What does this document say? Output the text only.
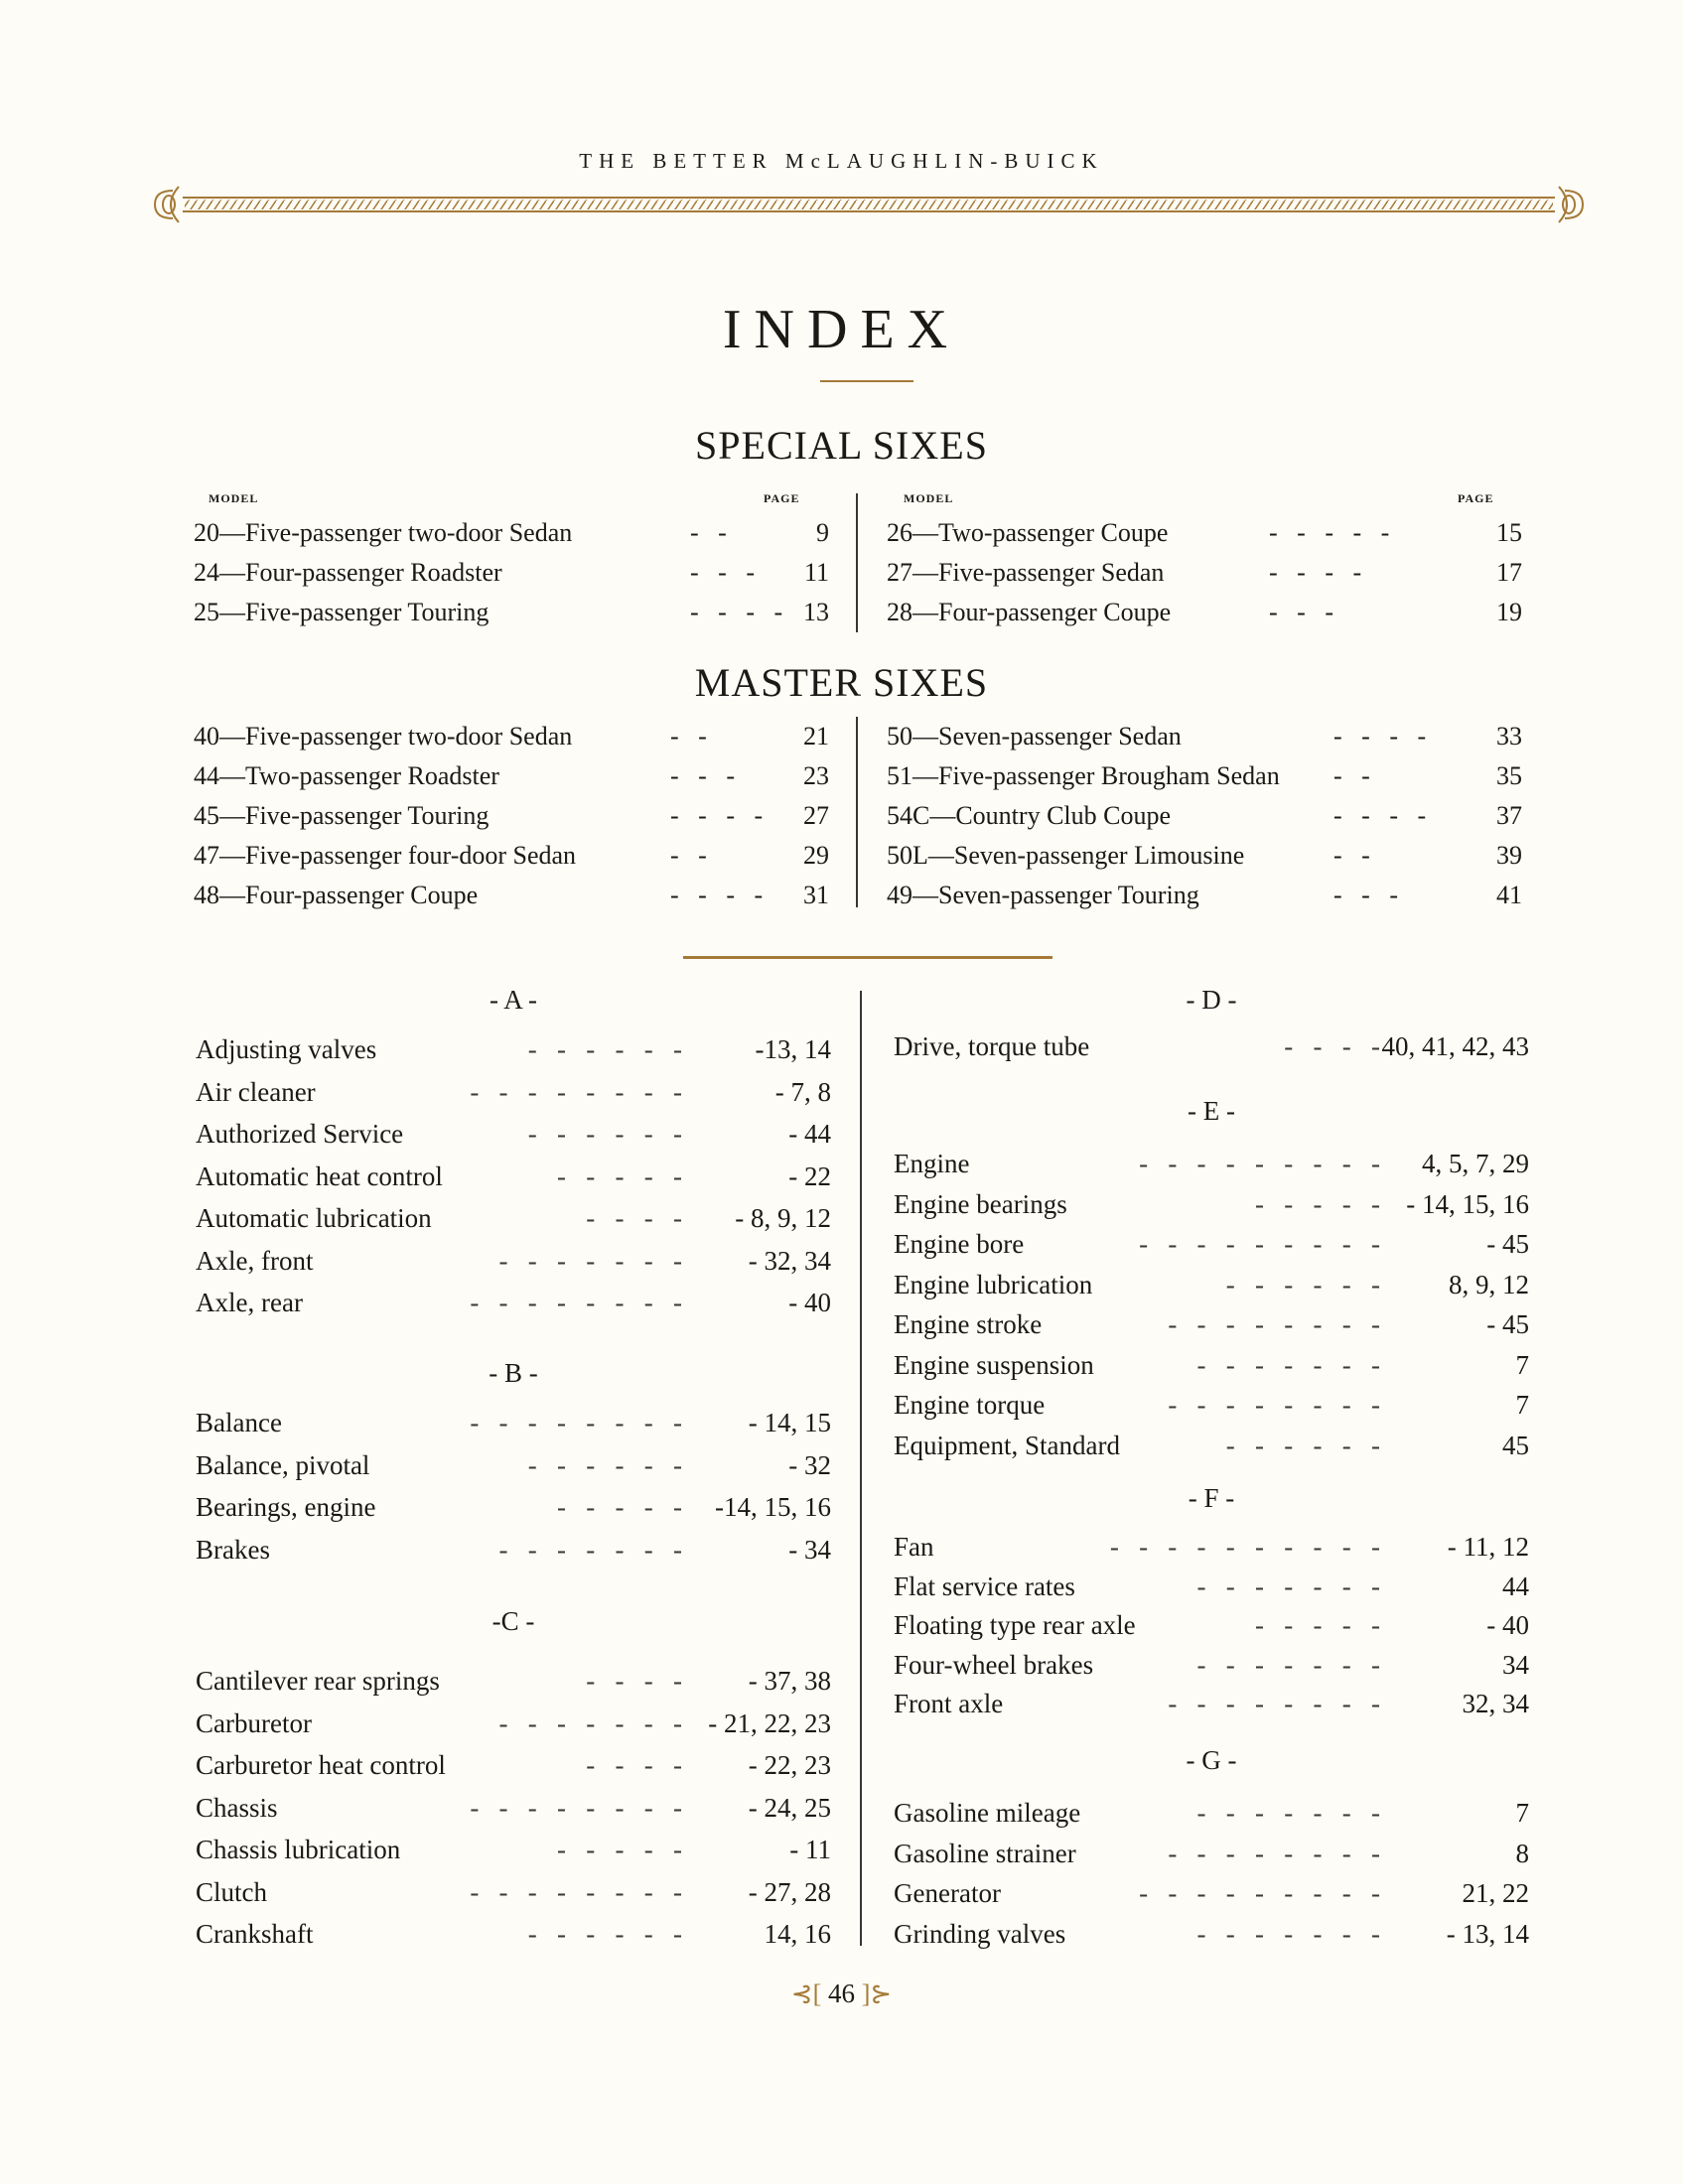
THE BETTER McLAUGHLIN-BUICK
INDEX
SPECIAL SIXES
MODEL	PAGE	MODEL	PAGE
20—Five-passenger two-door Sedan	-   -	9
24—Four-passenger Roadster	-   -   - 11
25—Five-passenger Touring	-   -   -   - 13
26—Two-passenger Coupe	-   -   -   -   -	15
27—Five-passenger Sedan	-   -   -   -	17
28—Four-passenger Coupe	-   -   -	19
MASTER SIXES
40—Five-passenger two-door Sedan	-   -	21
44—Two-passenger Roadster	-   -   -	23
45—Five-passenger Touring	-   -   -   - 27
47—Five-passenger four-door Sedan	-   -	29
48—Four-passenger Coupe	-   -   -   - 31
50—Seven-passenger Sedan	-   -   -   -	33
51—Five-passenger Brougham Sedan -   -	35
54C—Country Club Coupe	-   -   -   -	37
50L—Seven-passenger Limousine	-   -	39
49—Seven-passenger Touring	-   -   -	41
- A -
Adjusting valves	-   -   -   -   -   -	-13, 14
Air cleaner	-   -   -   -   -   -   -   -	- 7, 8
Authorized Service	-   -   -   -   -   -	- 44
Automatic heat control	-   -   -   -   -	- 22
Automatic lubrication	-   -   -   - - 8, 9, 12
Axle, front	-   -   -   -   -   -   - - 32, 34
Axle, rear	-   -   -   -   -   -   -   -	- 40
- B -
Balance	-   -   -   -   -   -   -   - - 14, 15
Balance, pivotal	-   -   -   -   -   -	- 32
Bearings, engine	-   -   -   -   - -14, 15, 16
Brakes	-   -   -   -   -   -   -	- 34
-C -
Cantilever rear springs	-   -   -   - - 37, 38
Carburetor	-   -   -   -   -   -   - - 21, 22, 23
Carburetor heat control	-   -   -   - - 22, 23
Chassis	-   -   -   -   -   -   -   - - 24, 25
Chassis lubrication	-   -   -   -   -	- 11
Clutch	-   -   -   -   -   -   -   - - 27, 28
Crankshaft	-   -   -   -   -   -	14, 16
- D -
Drive, torque tube	-   -   -   - 40, 41, 42, 43
- E -
Engine	-   -   -   -   -   -   -   -   - 4, 5, 7, 29
Engine bearings	-   -   -   -   - - 14, 15, 16
Engine bore	-   -   -   -   -   -   -   -   -	- 45
Engine lubrication	-   -   -   -   -   -	8, 9, 12
Engine stroke	-   -   -   -   -   -   -   -	- 45
Engine suspension	-   -   -   -   -   -   -	7
Engine torque	-   -   -   -   -   -   -   -	7
Equipment, Standard	-   -   -   -   -   -	45
- F -
Fan	-   -   -   -   -   -   -   -   -   -	- 11, 12
Flat service rates	-   -   -   -   -   -   -	44
Floating type rear axle	-   -   -   -   -	- 40
Four-wheel brakes	-   -   -   -   -   -   -	34
Front axle	-   -   -   -   -   -   -   -	32, 34
- G -
Gasoline mileage	-   -   -   -   -   -   -	7
Gasoline strainer	-   -   -   -   -   -   -   -	8
Generator	-   -   -   -   -   -   -   -   -	21, 22
Grinding valves	-   -   -   -   -   -   - - 13, 14
⊰[ 46 ]⊱
